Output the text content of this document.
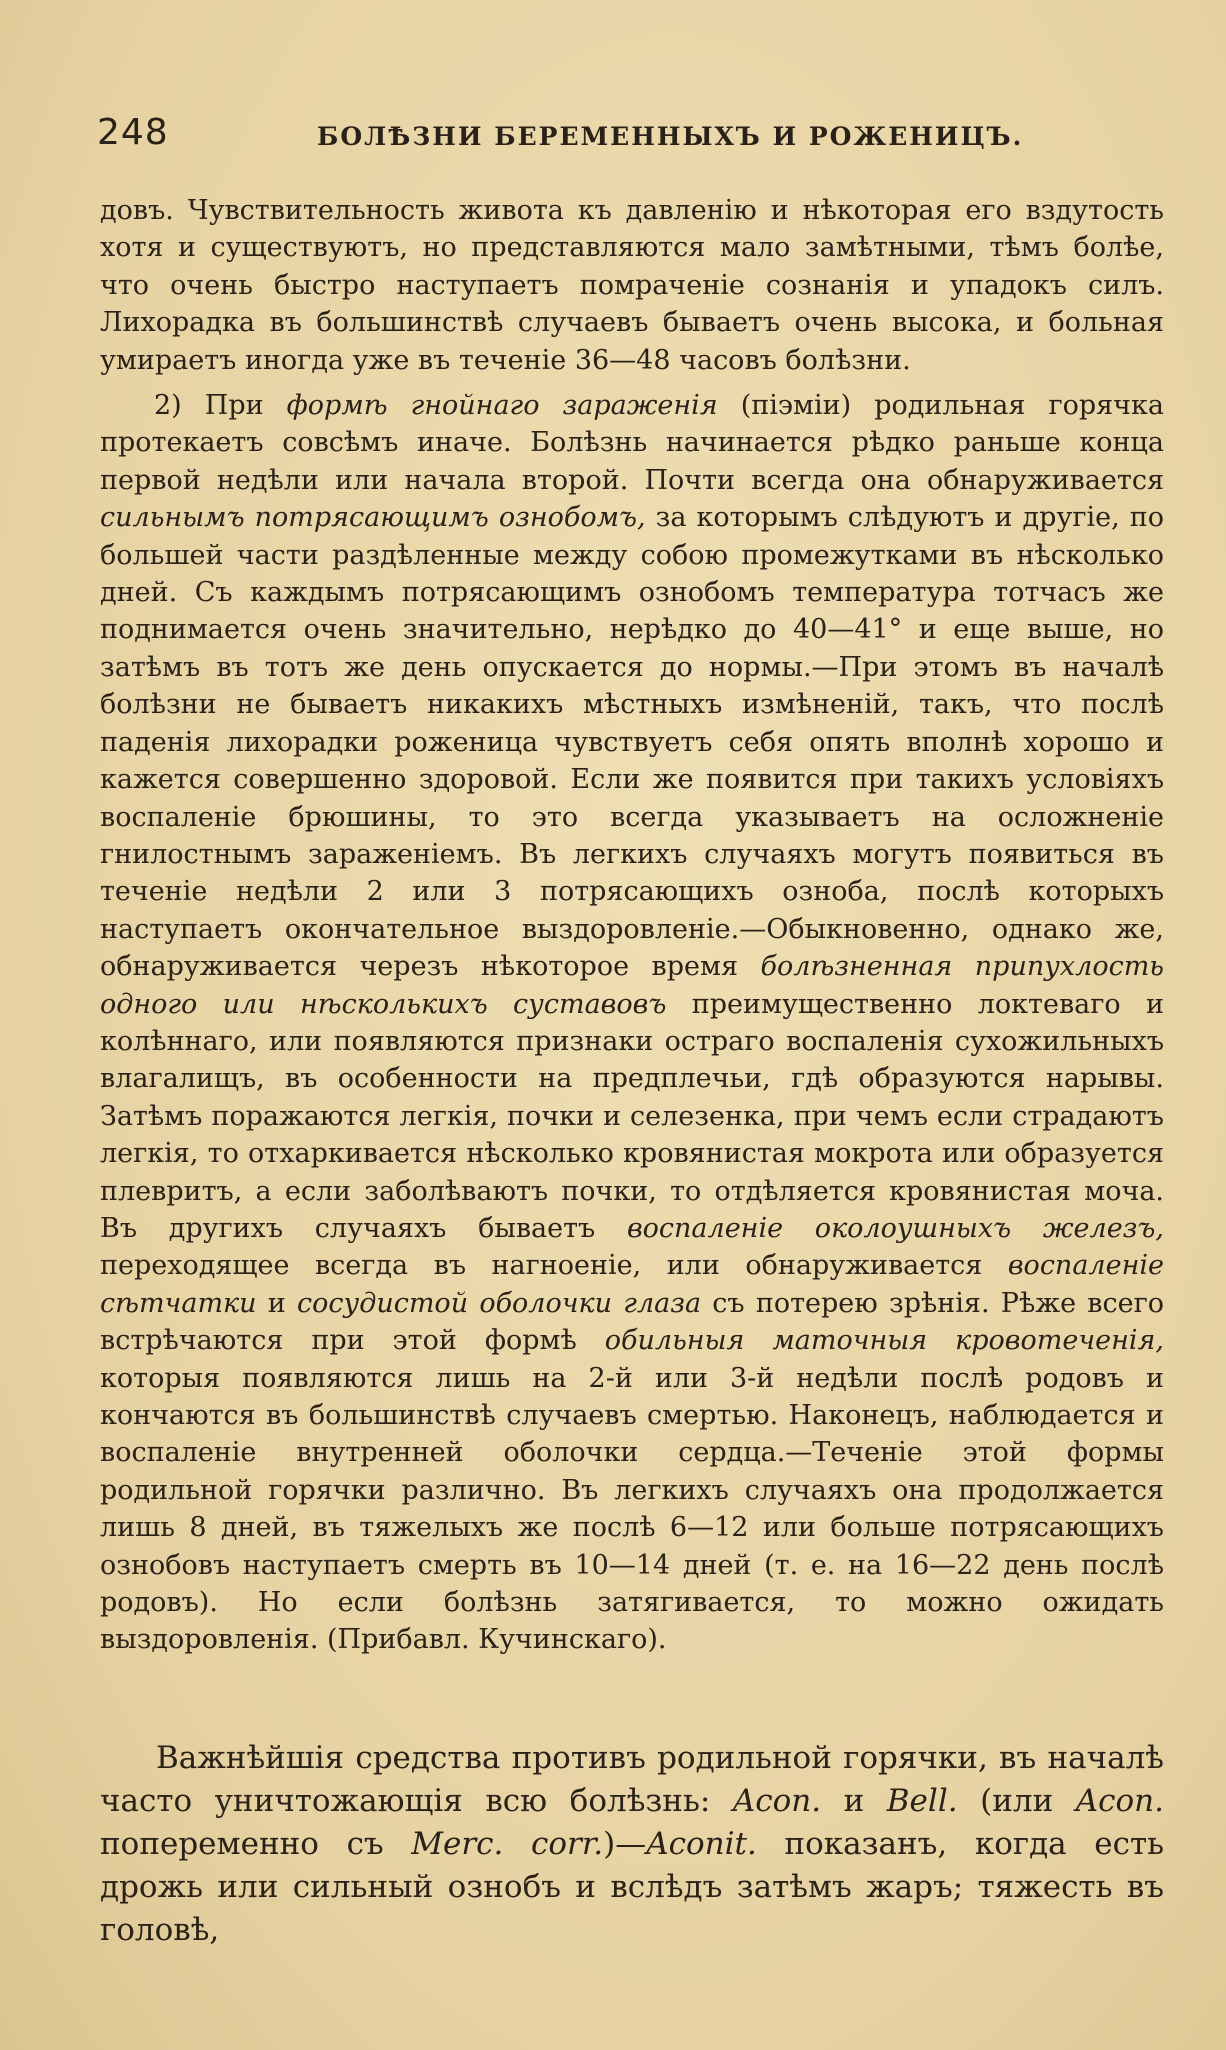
248	БОЛѢЗНИ БЕРЕМЕННЫХЪ И РОЖЕНИЦЪ.

довъ. Чувствительность живота къ давленію и нѣкоторая его вздутость хотя и существуютъ, но представляются мало замѣтными, тѣмъ болѣе, что очень быстро наступаетъ помраченіе сознанія и упадокъ силъ. Лихорадка въ большинствѣ случаевъ бываетъ очень высока, и больная умираетъ иногда уже въ теченіе 36—48 часовъ болѣзни.

2) При формѣ гнойнаго зараженія (піэміи) родильная горячка протекаетъ совсѣмъ иначе. Болѣзнь начинается рѣдко раньше конца первой недѣли или начала второй. Почти всегда она обнаруживается сильнымъ потрясающимъ ознобомъ, за которымъ слѣдуютъ и другіе, по большей части раздѣленные между собою промежутками въ нѣсколько дней. Съ каждымъ потрясающимъ ознобомъ температура тотчасъ же поднимается очень значительно, нерѣдко до 40—41° и еще выше, но затѣмъ въ тотъ же день опускается до нормы.—При этомъ въ началѣ болѣзни не бываетъ никакихъ мѣстныхъ измѣненій, такъ, что послѣ паденія лихорадки роженица чувствуетъ себя опять вполнѣ хорошо и кажется совершенно здоровой. Если же появится при такихъ условіяхъ воспаленіе брюшины, то это всегда указываетъ на осложненіе гнилостнымъ зараженіемъ. Въ легкихъ случаяхъ могутъ появиться въ теченіе недѣли 2 или 3 потрясающихъ озноба, послѣ которыхъ наступаетъ окончательное выздоровленіе.—Обыкновенно, однако же, обнаруживается черезъ нѣкоторое время болѣзненная припухлость одного или нѣсколькихъ суставовъ преимущественно локтеваго и колѣннаго, или появляются признаки остраго воспаленія сухожильныхъ влагалищъ, въ особенности на предплечьи, гдѣ образуются нарывы. Затѣмъ поражаются легкія, почки и селезенка, при чемъ если страдаютъ легкія, то отхаркивается нѣсколько кровянистая мокрота или образуется плевритъ, а если заболѣваютъ почки, то отдѣляется кровянистая моча. Въ другихъ случаяхъ бываетъ воспаленіе околоушныхъ железъ, переходящее всегда въ нагноеніе, или обнаруживается воспаленіе сѣтчатки и сосудистой оболочки глаза съ потерею зрѣнія. Рѣже всего встрѣчаются при этой формѣ обильныя маточныя кровотеченія, которыя появляются лишь на 2-й или 3-й недѣли послѣ родовъ и кончаются въ большинствѣ случаевъ смертью. Наконецъ, наблюдается и воспаленіе внутренней оболочки сердца.—Теченіе этой формы родильной горячки различно. Въ легкихъ случаяхъ она продолжается лишь 8 дней, въ тяжелыхъ же послѣ 6—12 или больше потрясающихъ ознобовъ наступаетъ смерть въ 10—14 дней (т. е. на 16—22 день послѣ родовъ). Но если болѣзнь затягивается, то можно ожидать выздоровленія. (Прибавл. Кучинскаго).

Важнѣйшія средства противъ родильной горячки, въ началѣ часто уничтожающія всю болѣзнь: Acon. и Bell. (или Acon. попеременно съ Merc. corr.)—Aconit. показанъ, когда есть дрожь или сильный ознобъ и вслѣдъ затѣмъ жаръ; тяжесть въ головѣ,
